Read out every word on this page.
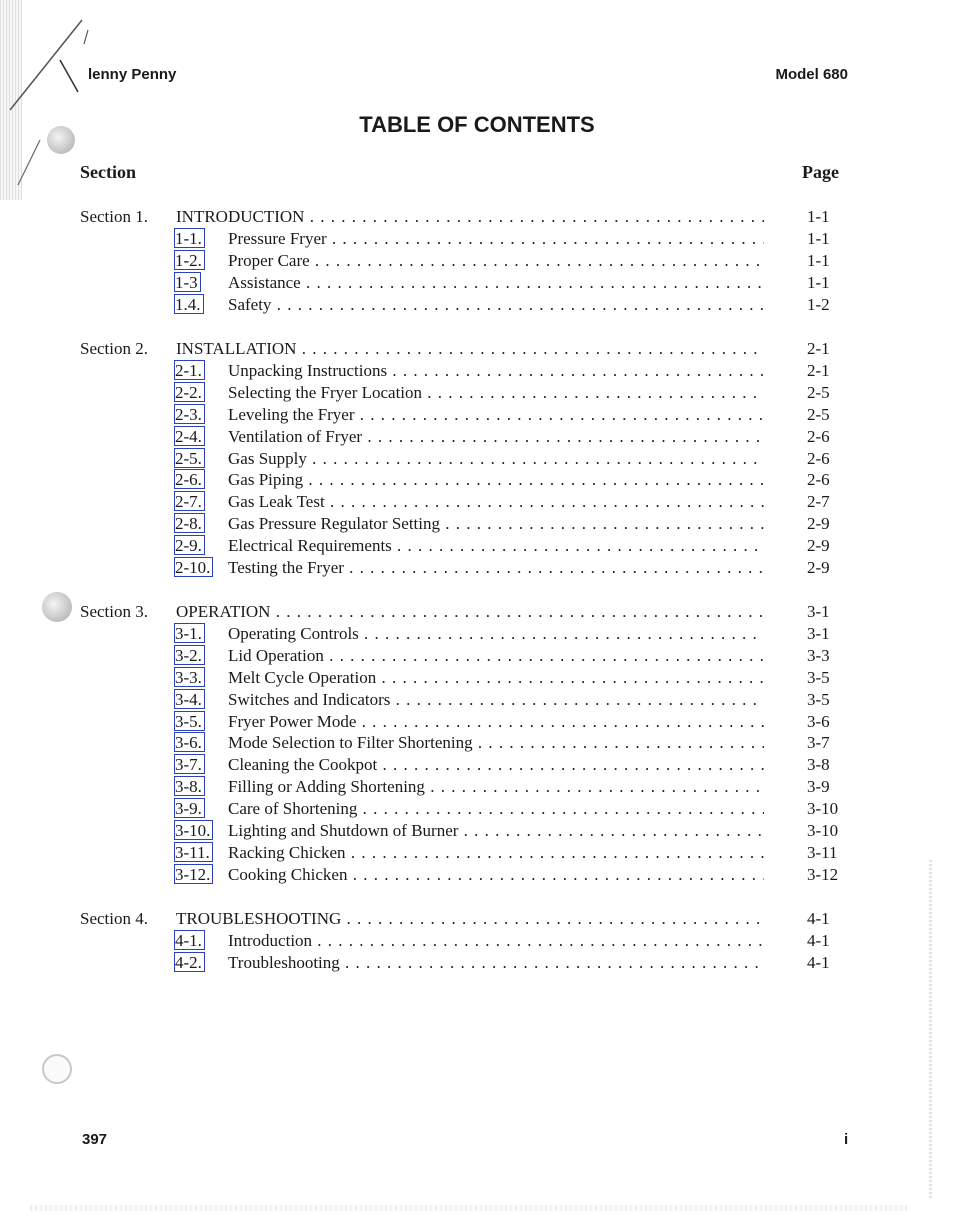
lenny Penny	Model 680
TABLE OF CONTENTS
Section	Page
Section 1. INTRODUCTION . . .	1-1
1-1. Pressure Fryer . . .	1-1
1-2. Proper Care . . .	1-1
1-3 Assistance . . .	1-1
1.4. Safety . . .	1-2
Section 2. INSTALLATION . . .	2-1
2-1. Unpacking Instructions . . .	2-1
2-2. Selecting the Fryer Location . . .	2-5
2-3. Leveling the Fryer . . .	2-5
2-4. Ventilation of Fryer . . .	2-6
2-5. Gas Supply . . .	2-6
2-6. Gas Piping . . .	2-6
2-7. Gas Leak Test . . .	2-7
2-8. Gas Pressure Regulator Setting . . .	2-9
2-9. Electrical Requirements . . .	2-9
2-10. Testing the Fryer . . .	2-9
Section 3. OPERATION . . .	3-1
3-1. Operating Controls . . .	3-1
3-2. Lid Operation . . .	3-3
3-3. Melt Cycle Operation . . .	3-5
3-4. Switches and Indicators . . .	3-5
3-5. Fryer Power Mode . . .	3-6
3-6. Mode Selection to Filter Shortening . . .	3-7
3-7. Cleaning the Cookpot . . .	3-8
3-8. Filling or Adding Shortening . . .	3-9
3-9. Care of Shortening . . .	3-10
3-10. Lighting and Shutdown of Burner . . .	3-10
3-11. Racking Chicken . . .	3-11
3-12. Cooking Chicken . . .	3-12
Section 4. TROUBLESHOOTING . . .	4-1
4-1. Introduction . . .	4-1
4-2. Troubleshooting . . .	4-1
397	i
